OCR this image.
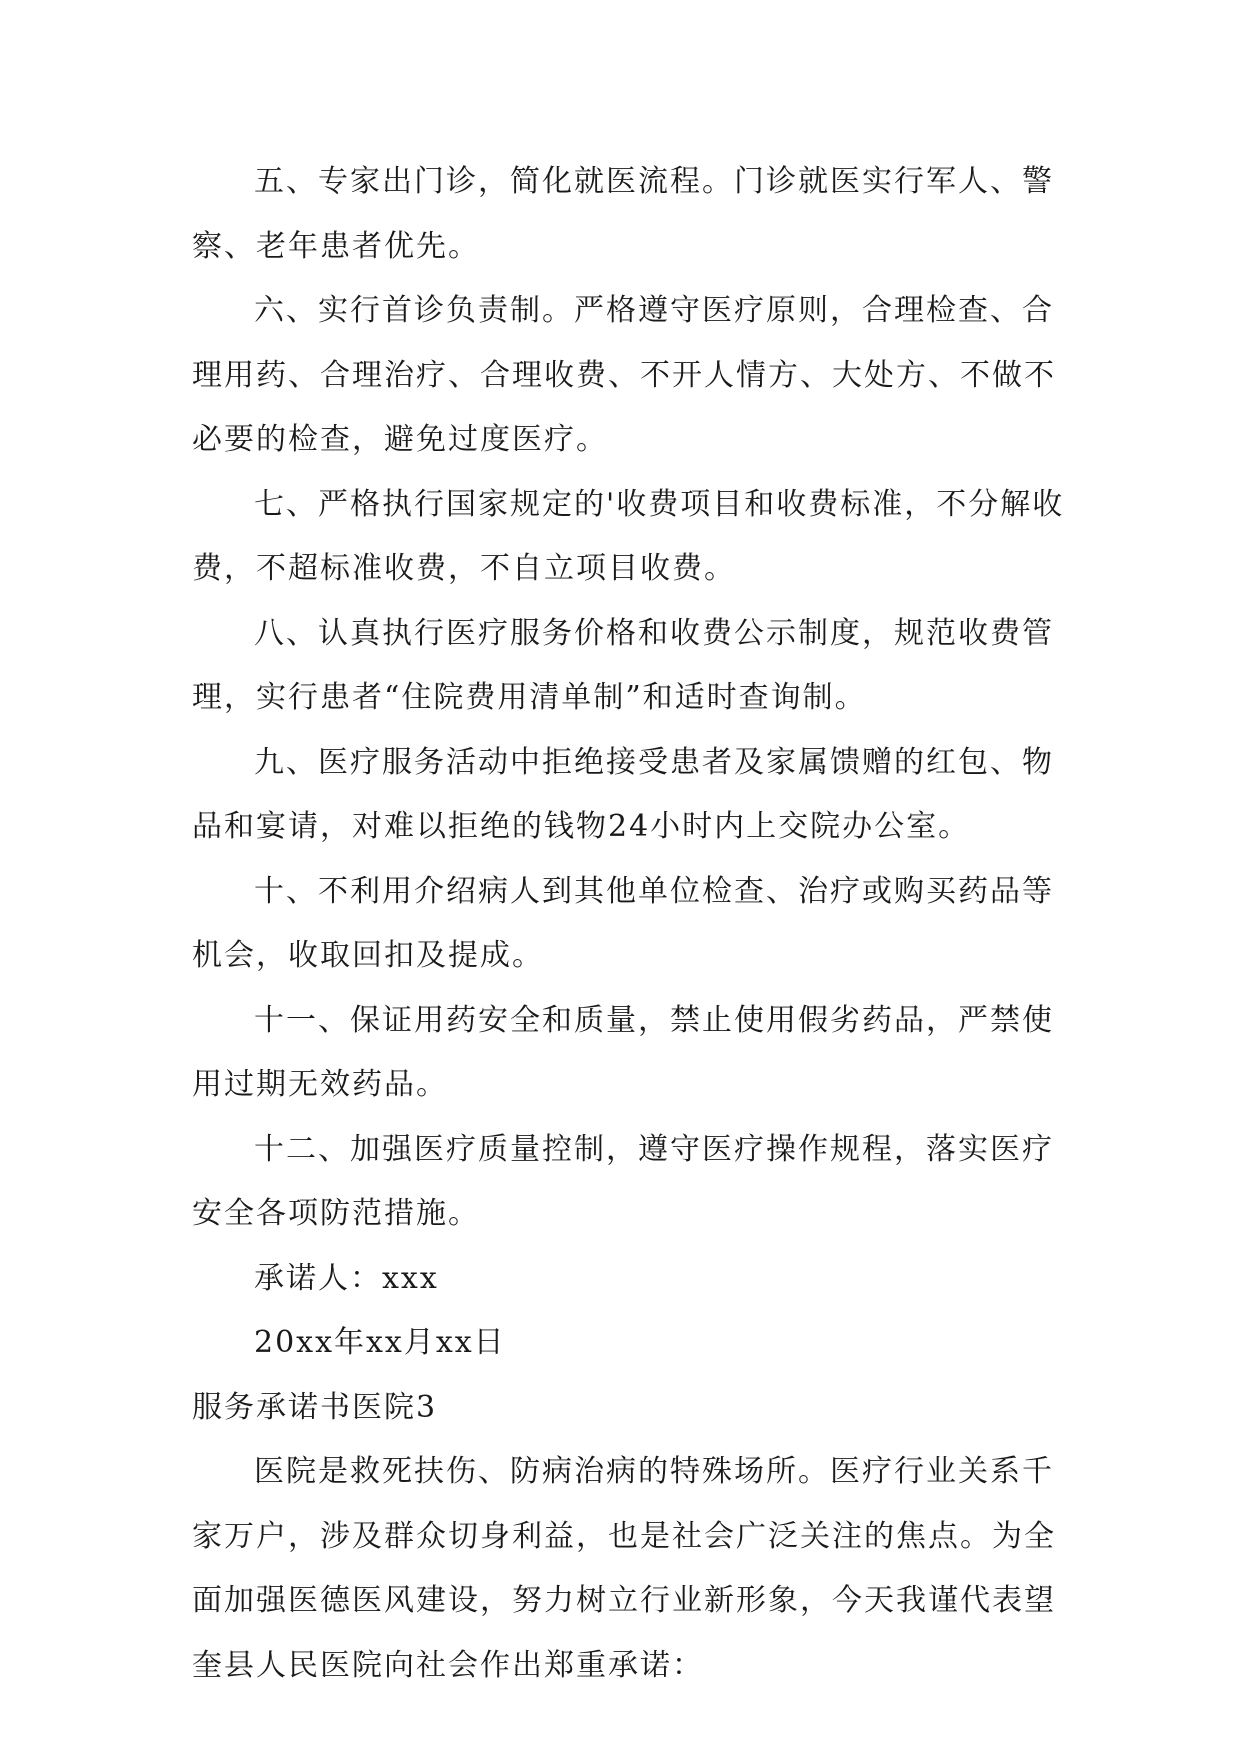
五、专家出门诊，简化就医流程。门诊就医实行军人、警察、老年患者优先。

六、实行首诊负责制。严格遵守医疗原则，合理检查、合理用药、合理治疗、合理收费、不开人情方、大处方、不做不必要的检查，避免过度医疗。

七、严格执行国家规定的'收费项目和收费标准，不分解收费，不超标准收费，不自立项目收费。

八、认真执行医疗服务价格和收费公示制度，规范收费管理，实行患者“住院费用清单制”和适时查询制。

九、医疗服务活动中拒绝接受患者及家属馈赠的红包、物品和宴请，对难以拒绝的钱物24小时内上交院办公室。

十、不利用介绍病人到其他单位检查、治疗或购买药品等机会，收取回扣及提成。

十一、保证用药安全和质量，禁止使用假劣药品，严禁使用过期无效药品。

十二、加强医疗质量控制，遵守医疗操作规程，落实医疗安全各项防范措施。

承诺人：xxx

20xx年xx月xx日

服务承诺书医院3

医院是救死扶伤、防病治病的特殊场所。医疗行业关系千家万户，涉及群众切身利益，也是社会广泛关注的焦点。为全面加强医德医风建设，努力树立行业新形象，今天我谨代表望奎县人民医院向社会作出郑重承诺：
